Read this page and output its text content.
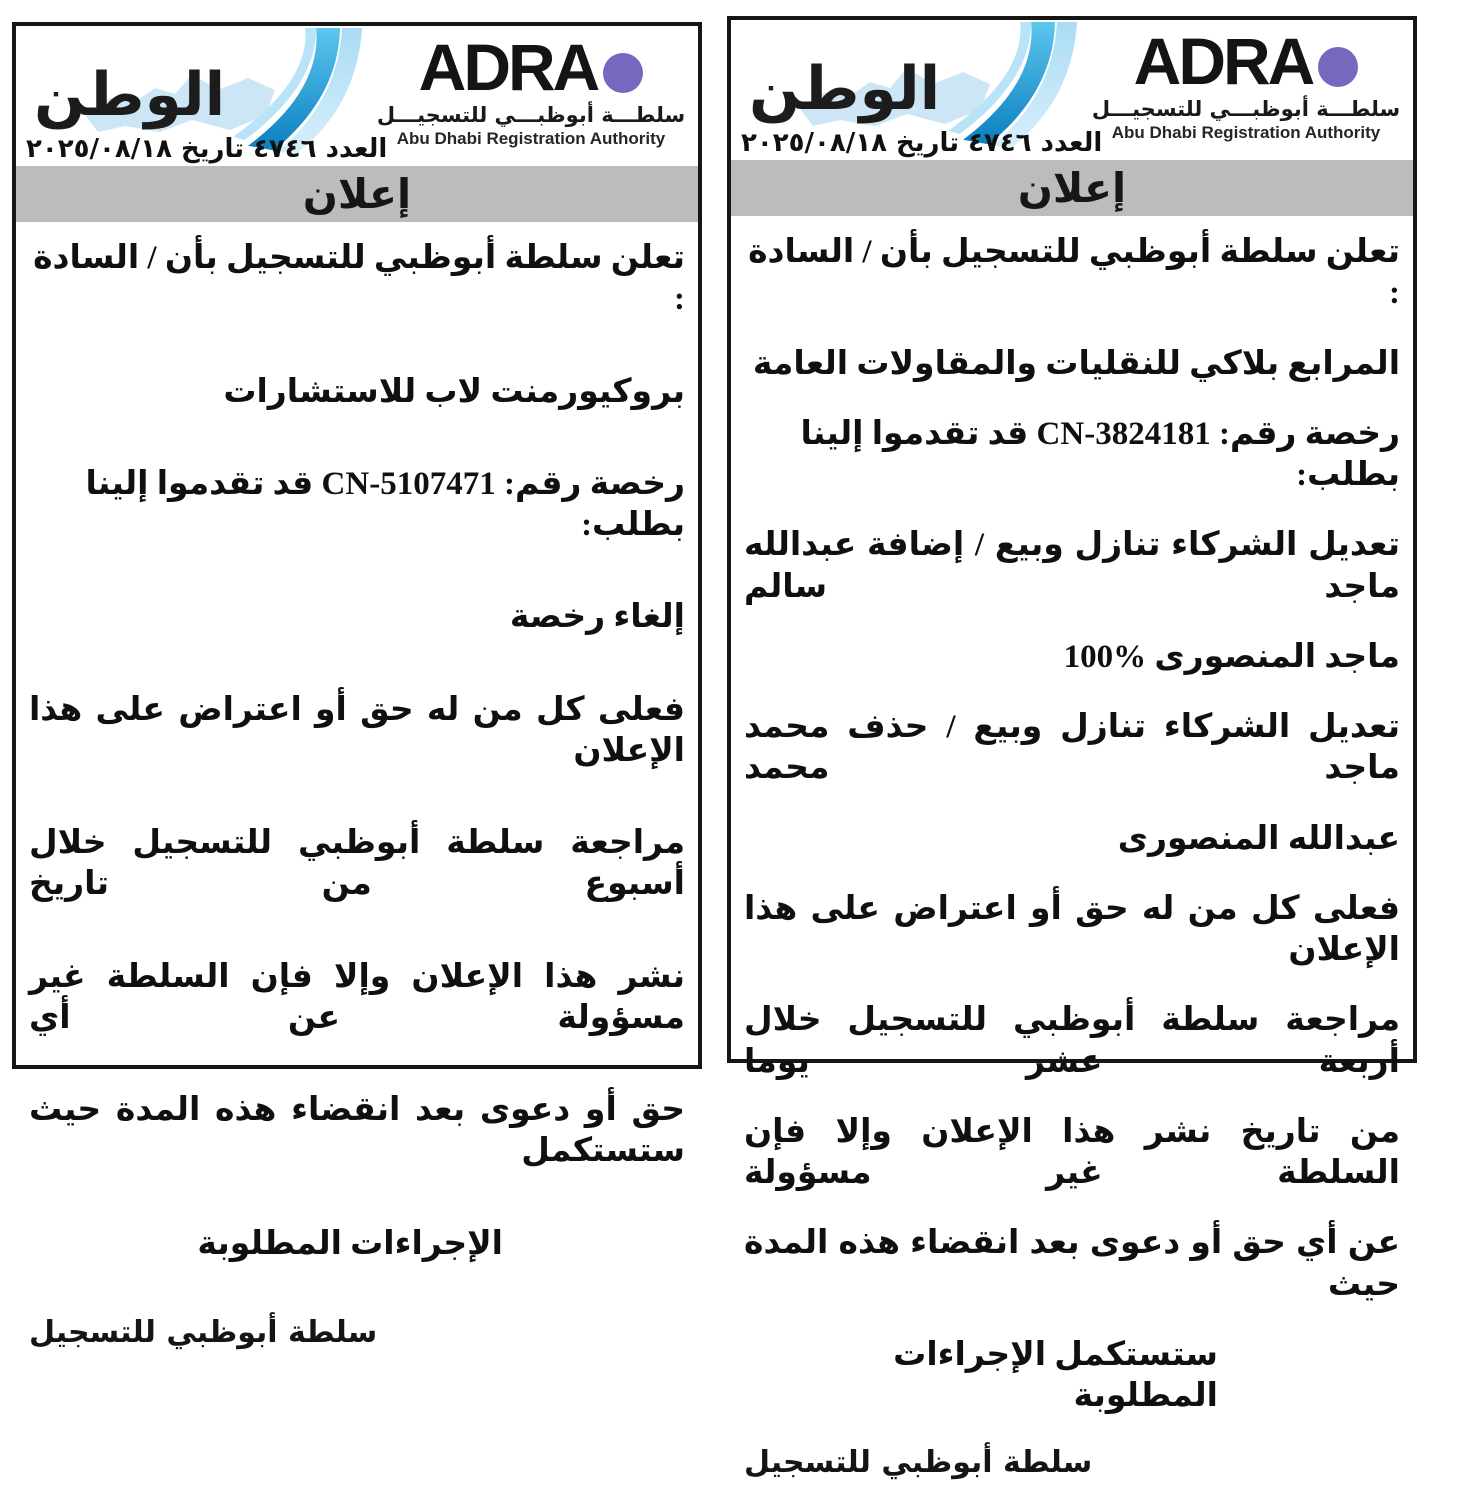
الوطن
العدد ٤٧٤٦ تاريخ ٢٠٢٥/٠٨/١٨
ADRA
سلطـــة أبوظبـــي للتسجيـــل
Abu Dhabi Registration Authority
إعلان
تعلن سلطة أبوظبي للتسجيل بأن / السادة :
بروكيورمنت لاب للاستشارات
رخصة رقم: CN-5107471 قد تقدموا إلينا بطلب:
إلغاء رخصة
فعلى كل من له حق أو اعتراض على هذا الإعلان
مراجعة سلطة أبوظبي للتسجيل خلال أسبوع من تاريخ
نشر هذا الإعلان وإلا فإن السلطة غير مسؤولة عن أي
حق أو دعوى بعد انقضاء هذه المدة حيث ستستكمل
الإجراءات المطلوبة
سلطة أبوظبي للتسجيل
الوطن
العدد ٤٧٤٦ تاريخ ٢٠٢٥/٠٨/١٨
ADRA
سلطـــة أبوظبـــي للتسجيـــل
Abu Dhabi Registration Authority
إعلان
تعلن سلطة أبوظبي للتسجيل بأن / السادة :
المرابع بلاكي للنقليات والمقاولات العامة
رخصة رقم: CN-3824181 قد تقدموا إلينا بطلب:
تعديل الشركاء تنازل وبيع / إضافة عبدالله ماجد سالم
ماجد المنصورى %100
تعديل الشركاء تنازل وبيع / حذف محمد ماجد محمد
عبدالله المنصورى
فعلى كل من له حق أو اعتراض على هذا الإعلان
مراجعة سلطة أبوظبي للتسجيل خلال أربعة عشر يوما
من تاريخ نشر هذا الإعلان وإلا فإن السلطة غير مسؤولة
عن أي حق أو دعوى بعد انقضاء هذه المدة حيث
ستستكمل الإجراءات المطلوبة
سلطة أبوظبي للتسجيل
